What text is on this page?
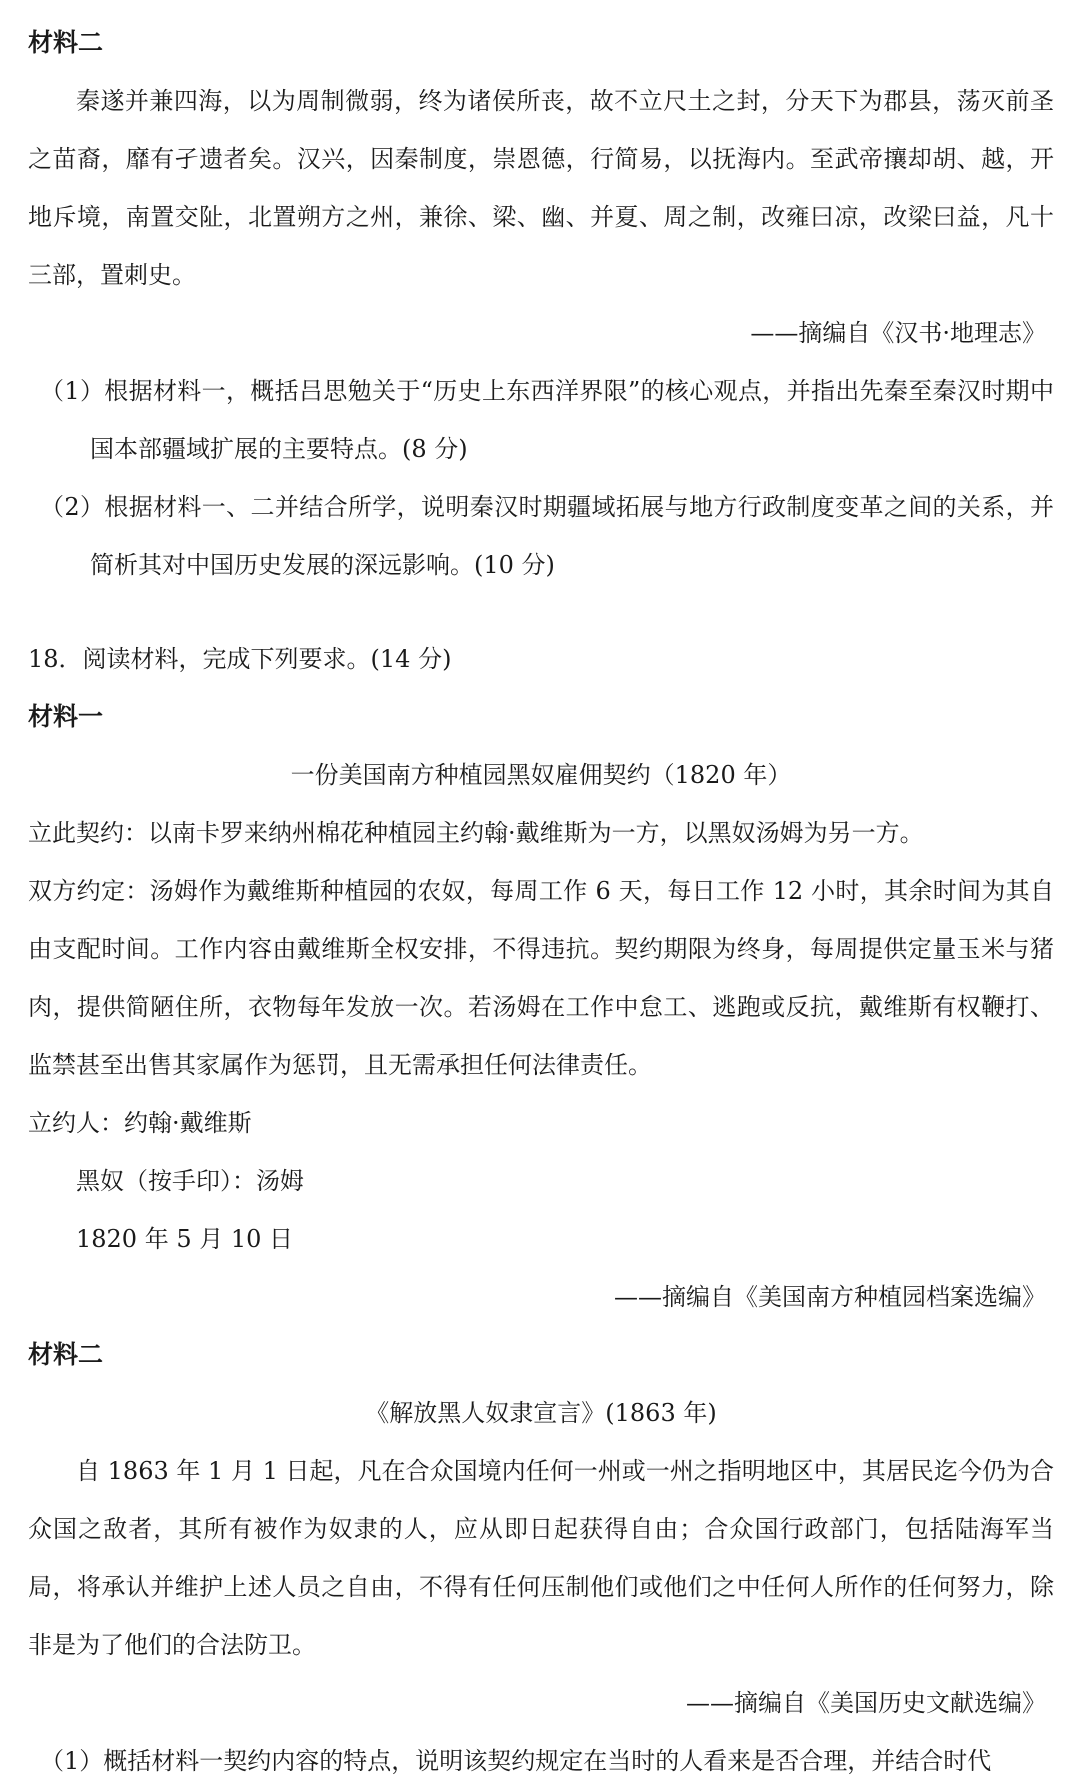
材料二

秦遂并兼四海，以为周制微弱，终为诸侯所丧，故不立尺土之封，分天下为郡县，荡灭前圣之苗裔，靡有孑遗者矣。汉兴，因秦制度，崇恩德，行简易，以抚海内。至武帝攘却胡、越，开地斥境，南置交阯，北置朔方之州，兼徐、梁、幽、并夏、周之制，改雍曰凉，改梁曰益，凡十三部，置刺史。

——摘编自《汉书·地理志》

（1）根据材料一，概括吕思勉关于“历史上东西洋界限”的核心观点，并指出先秦至秦汉时期中国本部疆域扩展的主要特点。(8 分)

（2）根据材料一、二并结合所学，说明秦汉时期疆域拓展与地方行政制度变革之间的关系，并简析其对中国历史发展的深远影响。(10 分)

18．阅读材料，完成下列要求。(14 分)

材料一

一份美国南方种植园黑奴雇佣契约（1820 年）

立此契约：以南卡罗来纳州棉花种植园主约翰·戴维斯为一方，以黑奴汤姆为另一方。

双方约定：汤姆作为戴维斯种植园的农奴，每周工作 6 天，每日工作 12 小时，其余时间为其自由支配时间。工作内容由戴维斯全权安排，不得违抗。契约期限为终身，每周提供定量玉米与猪肉，提供简陋住所，衣物每年发放一次。若汤姆在工作中怠工、逃跑或反抗，戴维斯有权鞭打、监禁甚至出售其家属作为惩罚，且无需承担任何法律责任。

立约人：约翰·戴维斯

黑奴（按手印）：汤姆

1820 年 5 月 10 日

——摘编自《美国南方种植园档案选编》

材料二

《解放黑人奴隶宣言》(1863 年)

自 1863 年 1 月 1 日起，凡在合众国境内任何一州或一州之指明地区中，其居民迄今仍为合众国之敌者，其所有被作为奴隶的人，应从即日起获得自由；合众国行政部门，包括陆海军当局，将承认并维护上述人员之自由，不得有任何压制他们或他们之中任何人所作的任何努力，除非是为了他们的合法防卫。

——摘编自《美国历史文献选编》

（1）概括材料一契约内容的特点，说明该契约规定在当时的人看来是否合理，并结合时代
